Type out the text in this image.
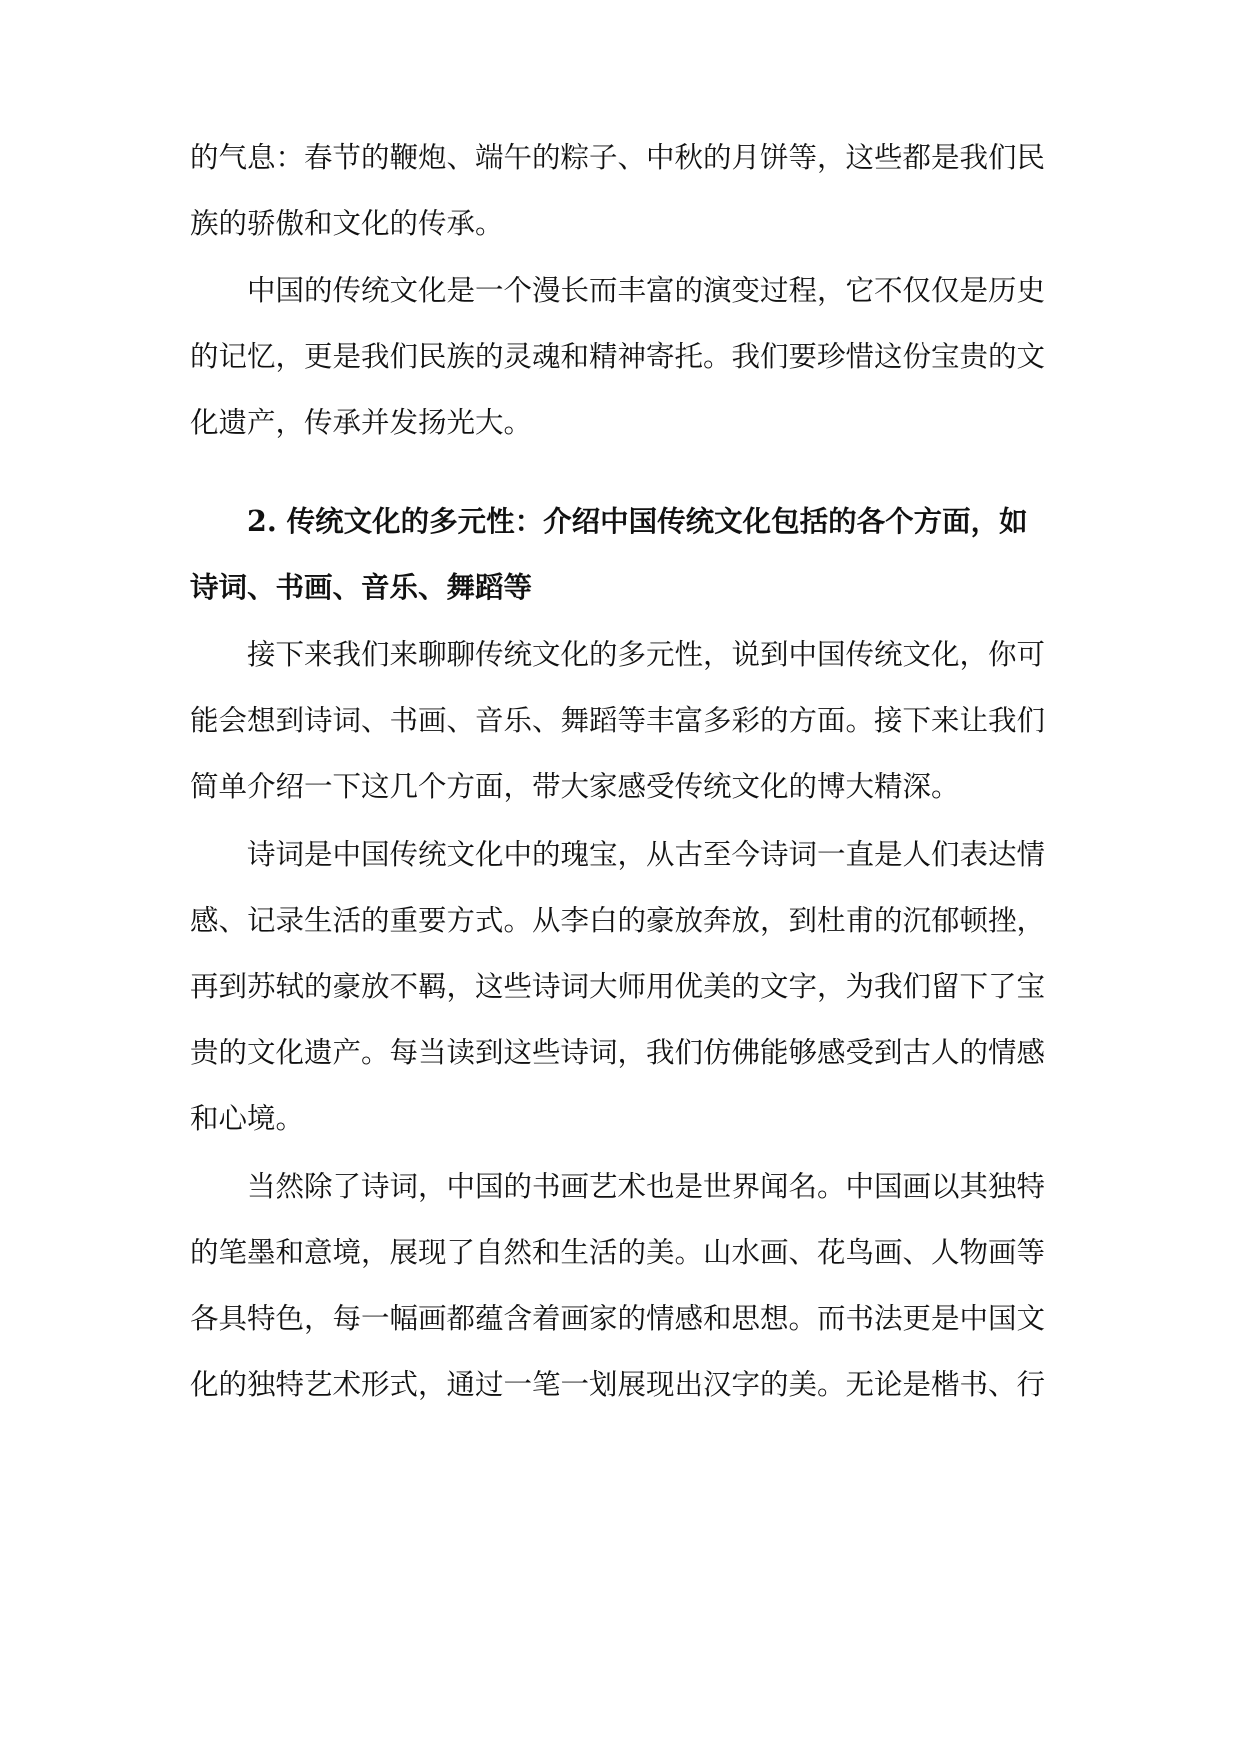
的气息：春节的鞭炮、端午的粽子、中秋的月饼等，这些都是我们民
族的骄傲和文化的传承。
中国的传统文化是一个漫长而丰富的演变过程，它不仅仅是历史
的记忆，更是我们民族的灵魂和精神寄托。我们要珍惜这份宝贵的文
化遗产，传承并发扬光大。
2. 传统文化的多元性：介绍中国传统文化包括的各个方面，如
诗词、书画、音乐、舞蹈等
接下来我们来聊聊传统文化的多元性，说到中国传统文化，你可
能会想到诗词、书画、音乐、舞蹈等丰富多彩的方面。接下来让我们
简单介绍一下这几个方面，带大家感受传统文化的博大精深。
诗词是中国传统文化中的瑰宝，从古至今诗词一直是人们表达情
感、记录生活的重要方式。从李白的豪放奔放，到杜甫的沉郁顿挫，
再到苏轼的豪放不羁，这些诗词大师用优美的文字，为我们留下了宝
贵的文化遗产。每当读到这些诗词，我们仿佛能够感受到古人的情感
和心境。
当然除了诗词，中国的书画艺术也是世界闻名。中国画以其独特
的笔墨和意境，展现了自然和生活的美。山水画、花鸟画、人物画等
各具特色，每一幅画都蕴含着画家的情感和思想。而书法更是中国文
化的独特艺术形式，通过一笔一划展现出汉字的美。无论是楷书、行
